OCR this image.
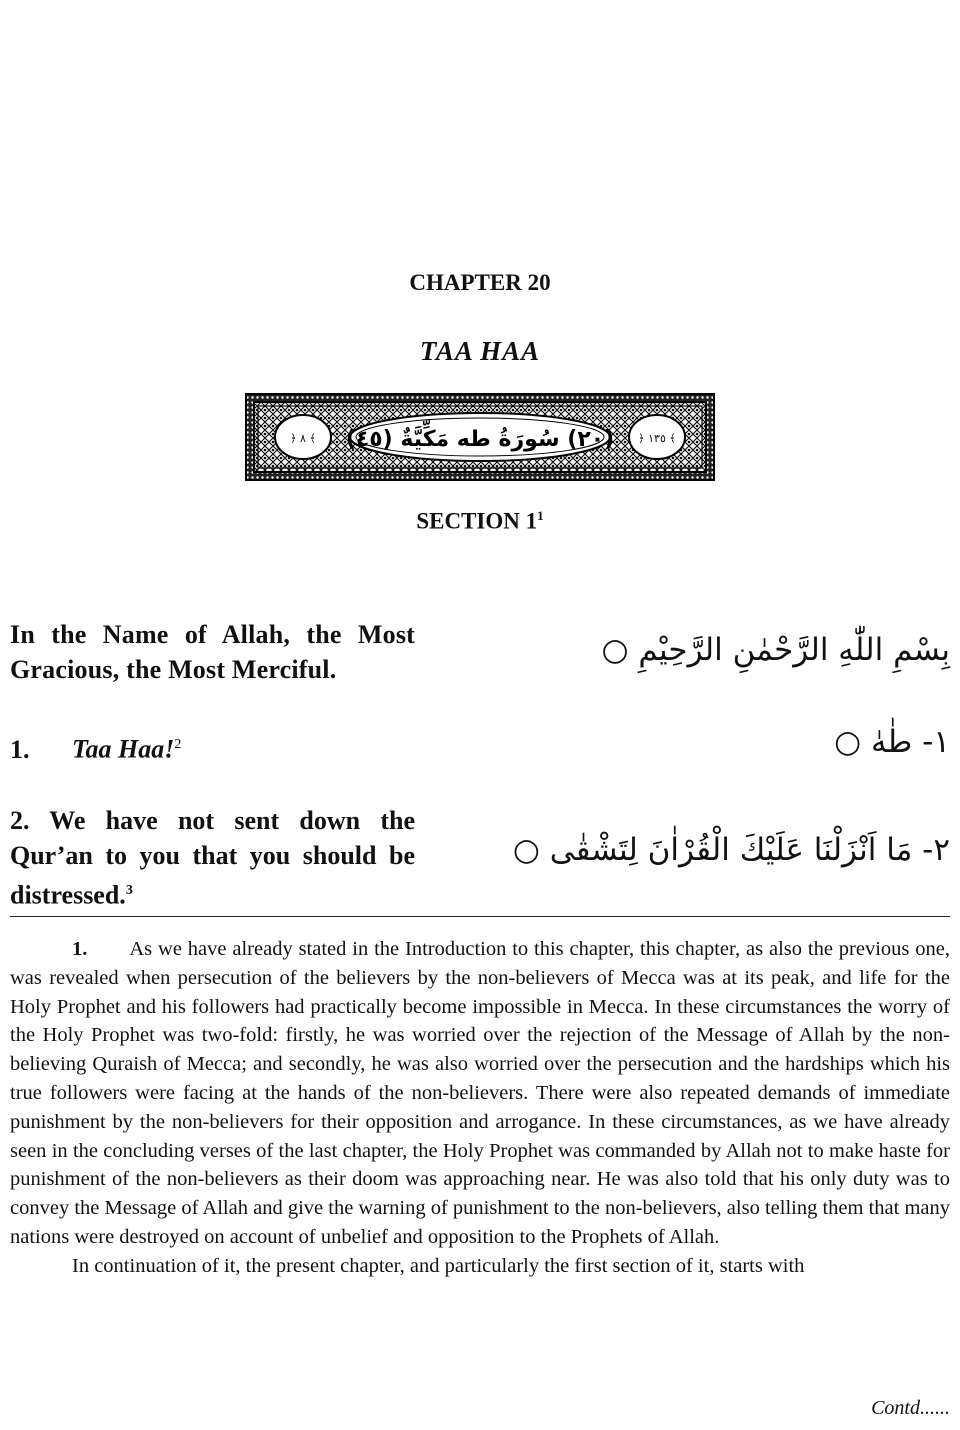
CHAPTER 20
TAA HAA
﴿ ٨ ﴾	﴿ ١٣٥ ﴾
(٢٠) سُورَةُ طه مَكِّيَّةٌ (٤٥)
SECTION $1^1$
In the Name of Allah, the Most Gracious, the Most Merciful.
بِسْمِ اللّٰهِ الرَّحْمٰنِ الرَّحِيْمِ ○
1. Taa Haa!$^2$	١- طٰهٰ ○
2. We have not sent down the Qur’an to you that you should be distressed.$^3$
٢- مَا اَنْزَلْنَا عَلَيْكَ الْقُرْاٰنَ لِتَشْقٰى ○

1. As we have already stated in the Introduction to this chapter, this chapter, as also the previous one, was revealed when persecution of the believers by the non-believers of Mecca was at its peak, and life for the Holy Prophet and his followers had practically become impossible in Mecca. In these circumstances the worry of the Holy Prophet was two-fold: firstly, he was worried over the rejection of the Message of Allah by the non-believing Quraish of Mecca; and secondly, he was also worried over the persecution and the hardships which his true followers were facing at the hands of the non-believers. There were also repeated demands of immediate punishment by the non-believers for their opposition and arrogance. In these circumstances, as we have already seen in the concluding verses of the last chapter, the Holy Prophet was commanded by Allah not to make haste for punishment of the non-believers as their doom was approaching near. He was also told that his only duty was to convey the Message of Allah and give the warning of punishment to the non-believers, also telling them that many nations were destroyed on account of unbelief and opposition to the Prophets of Allah.

In continuation of it, the present chapter, and particularly the first section of it, starts with

Contd......
